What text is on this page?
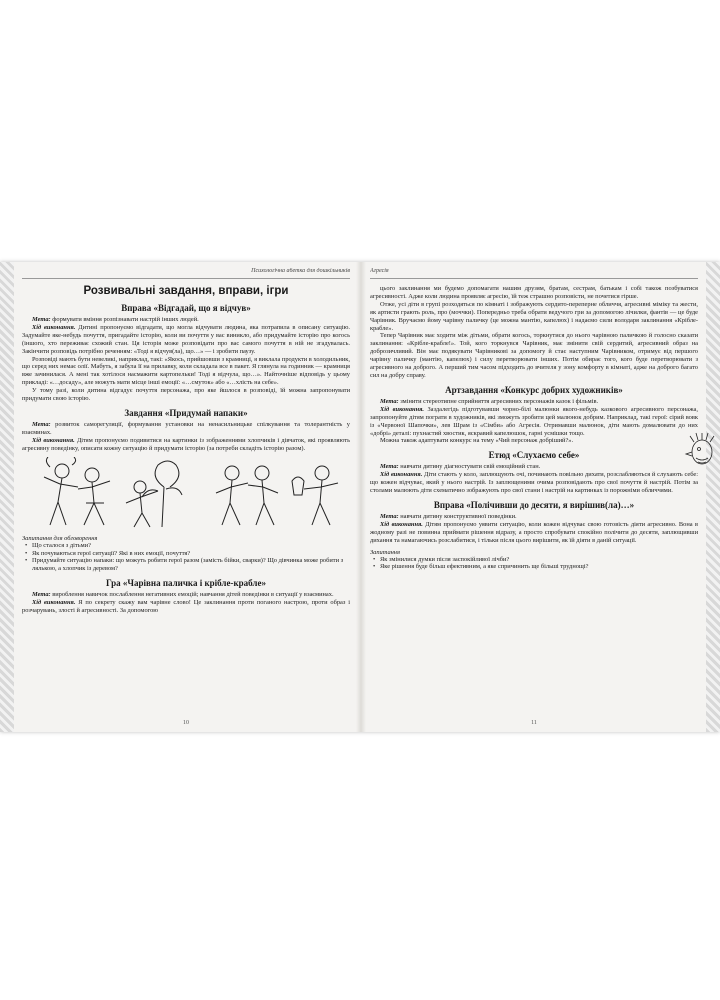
Психологічна абетка для дошкільників
Розвивальні завдання, вправи, ігри
Вправа «Відгадай, що я відчув»

Мета: формувати вміння розпізнавати настрій інших людей.

Хід виконання. Дитині пропонуємо відгадати, що могла відчувати людина, яка потрапила в описану ситуацію. Задумайте яке-небудь почуття, пригадайте історію, коли ви почуття у вас виникло, або придумайте історію про когось (іншого, хто переживає схожий стан. Ця історія може розповідати про вас самого почуття в ній не згадувалась. Закінчити розповідь потрібно реченням: «Тоді я відчув(ла), що…» — і зробити паузу.

Розповіді мають бути невеликі, наприклад, такі: «Якось, прийшовши з крамниці, я виклала продукти в холодильник, що серед них немає олії. Мабуть, я забула її на прилавку, коли складала все в пакет. Я глянула на годинник — крамниця вже зачинилася. А мені так хотілося насмажити картопельки! Тоді я відчула, що…». Найточніше відповідь у цьому прикладі: «…досаду», але можуть мати місце інші емоції: «…смуток» або «…хлість на себе».

У тому разі, коли дитина відгадує почуття персонажа, про яке йшлося в розповіді, їй можна запропонувати придумати свою історію.

Завдання «Придумай напаки»

Мета: розвиток саморегуляції, формування установки на ненасильницьке спілкування та толерантність у взаєминах.

Хід виконання. Дітям пропонуємо подивитися на картинки із зображеннями хлопчиків і дівчаток, які проявляють агресивну поведінку, описати кожну ситуацію й придумати історію (за потреби складіть історію разом).

Запитання для обговорення
• Що сталося з дітьми?
• Як почуваються герої ситуації? Які в них емоції, почуття?
• Придумайте ситуацію напаки: що можуть робити герої разом (замість бійки, сварки)? Що дівчинка може робити з лялькою, а хлопчик із деревом?
Гра «Чарівна паличка і крібле-крабле»

Мета: вироблення навичок послаблення негативних емоцій; навчання дітей поведінки в ситуації у взаєминах.

Хід виконання. Я по секрету скажу вам чарівне слово! Це заклинання проти поганого настрою, проти образ і розчарувань, злості й агресивності. За допомогою

10
Агресія

цього заклинання ми будемо допомагати нашим друзям, братам, сестрам, батькам і собі також позбуватися агресивності. Адже коли людина проявляє агресію, їй теж страшно розповісти, не почетися гірше.

Отже, усі діти в групі розходяться по кімнаті і зображують сердито-переперне обличчя, агресивні міміку та жести, як артисти грають роль, про (моччки). Попередньо треба обрати ведучого гри за допомогою лічилки, фантів — це буде Чарівник. Вручаємо йому чарівну паличку (це можна мантію, капелюх) і надаємо сили володаря заклинання «Крібле-крабле».

Тепер Чарівник має ходити між дітьми, обрати когось, торкнутися до нього чарівною паличкою й голосно сказати заклинання: «Крібле-крабле!». Той, кого торкнувся Чарівник, має змінити свій сердитий, агресивний образ на доброзичливий. Він має подякувати Чарівникові за допомогу й стає наступним Чарівником, отримує від першого чарівну паличку (мантію, капелюх) і силу перетворювати інших. Потім обирає того, кого буде перетворювати з агресивного на доброго. А перший тим часом підходить до вчителя у зону комфорту в кімнаті, адже на доброго багато сил на добру справу.

Артзавдання «Конкурс добрих художників»

Мета: змінити стереотипне сприйняття агресивних персонажів казок і фільмів.

Хід виконання. Заздалегідь підготувавши чорно-білі малюнки якого-небудь казкового агресивного персонажа, запропонуйте дітям пограти в художників, які зможуть зробити цей малюнок добрим. Наприклад, такі герої: сірий вовк із «Червоної Шапочки», лев Шрам із «Сімби» або Агресія. Отримавши малюнок, діти мають домалювати до них «добрі» деталі: пухнастий хвостик, яскравий капелюшок, гарні усмішки тощо.

Можна також адаптувати конкурс на тему «Чий персонаж добріший?».

Етюд «Слухаємо себе»

Мета: навчати дитину діагностувати свій емоційний стан.

Хід виконання. Діти стають у коло, заплющують очі, починають повільно дихати, розслабляються й слухають себе: що кожен відчуває, який у нього настрій. Із заплющеними очима розповідають про свої почуття й настрій. Потім за столами малюють діти схематично зображують про свої стани і настрій на картинках із порожніми обличчями.

Вправа «Полічивши до десяти, я вирішив(ла)…»

Мета: навчати дитину конструктивної поведінки.

Хід виконання. Дітям пропонуємо уявити ситуацію, коли кожен відчуває свою готовість діяти агресивно. Вона в жодному разі не повинна приймати рішення відразу, а просто спробувати спокійно полічити до десяти, заплющивши дихання та намагаючись розслабитися, і тільки після цього вирішити, як їй діяти в даній ситуації.

Запитання
• Як змінилися думки після заспокійливої лічби?
• Яке рішення буде більш ефективним, а яке спричинить ще більші труднощі?
11
